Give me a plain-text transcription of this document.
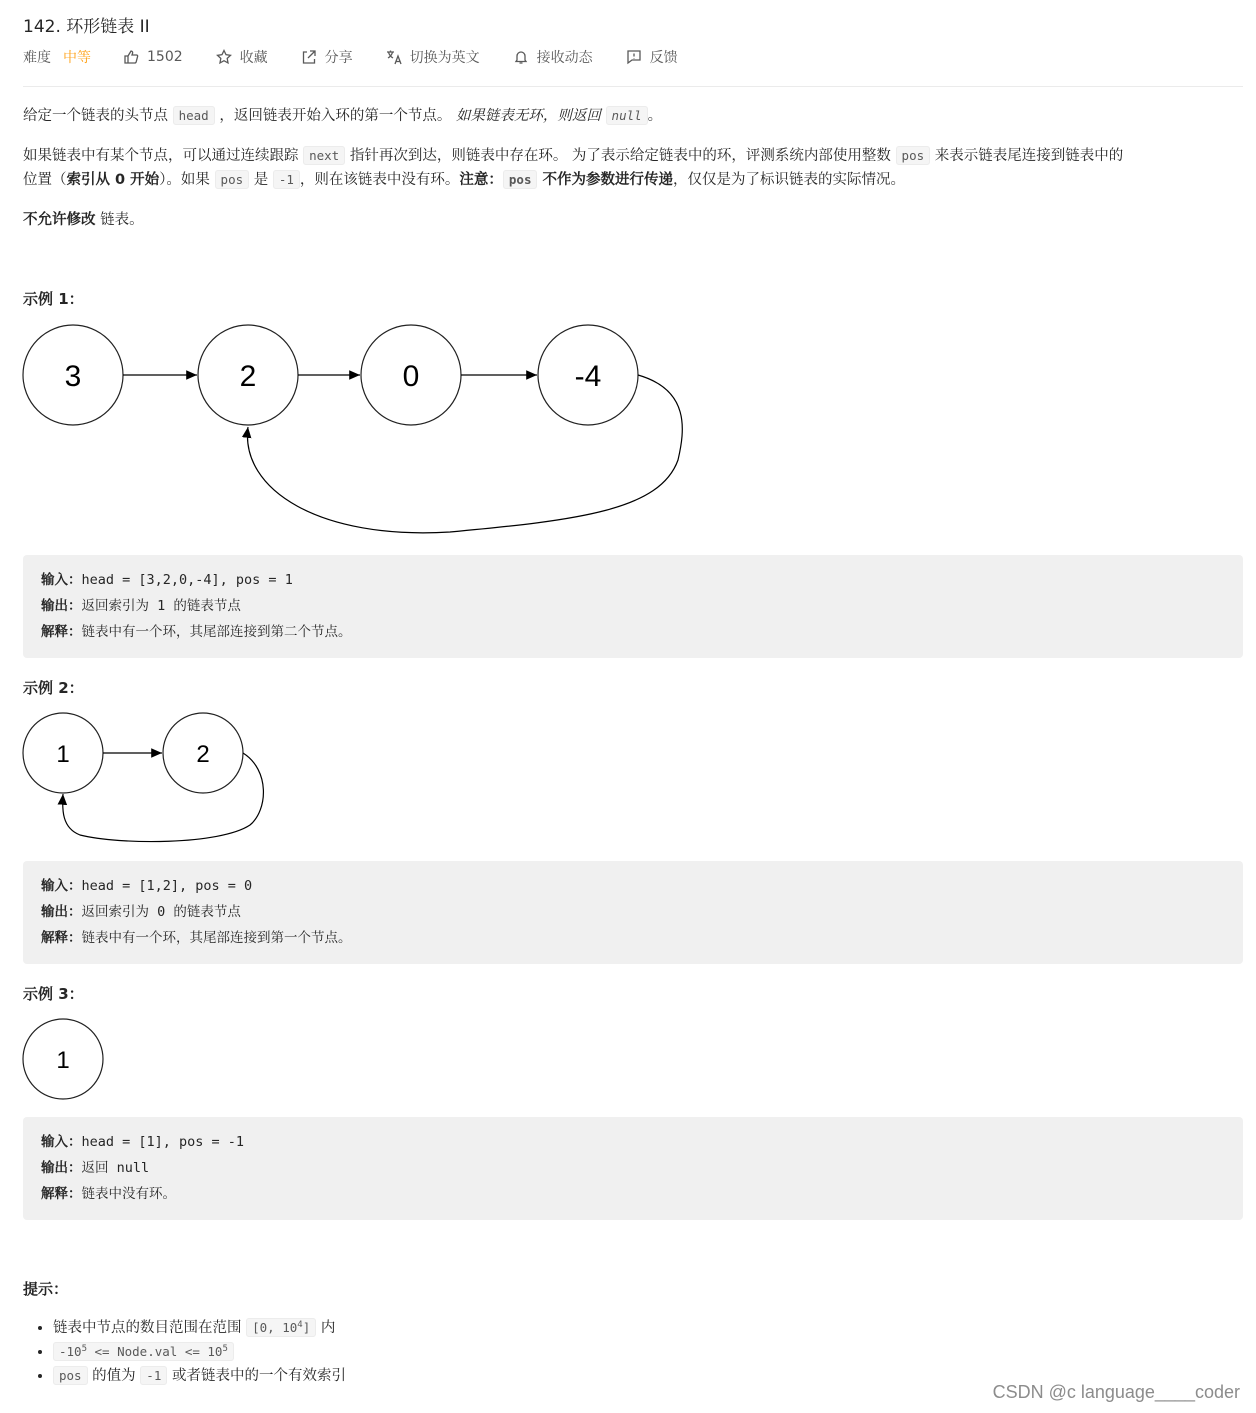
142. 环形链表 II
难度 中等	1502	收藏	分享	切换为英文	接收动态	反馈
给定一个链表的头节点 head ，返回链表开始入环的第一个节点。 如果链表无环，则返回 null 。
如果链表中有某个节点，可以通过连续跟踪 next 指针再次到达，则链表中存在环。 为了表示给定链表中的环，评测系统内部使用整数 pos 来表示链表尾连接到链表中的
位置（索引从 0 开始）。如果 pos 是 -1 ，则在该链表中没有环。注意： pos 不作为参数进行传递，仅仅是为了标识链表的实际情况。
不允许修改 链表。
示例 1：
3	2	0	-4
输入：head = [3,2,0,-4], pos = 1
输出：返回索引为 1 的链表节点
解释：链表中有一个环，其尾部连接到第二个节点。
示例 2：
1	2
输入：head = [1,2], pos = 0
输出：返回索引为 0 的链表节点
解释：链表中有一个环，其尾部连接到第一个节点。
示例 3：
1
输入：head = [1], pos = -1
输出：返回 null
解释：链表中没有环。
提示：
• 链表中节点的数目范围在范围 [0, $10^4$] 内
• $-10^5$ <= Node.val <= $10^5$
• pos 的值为 -1 或者链表中的一个有效索引
CSDN @c language____coder
